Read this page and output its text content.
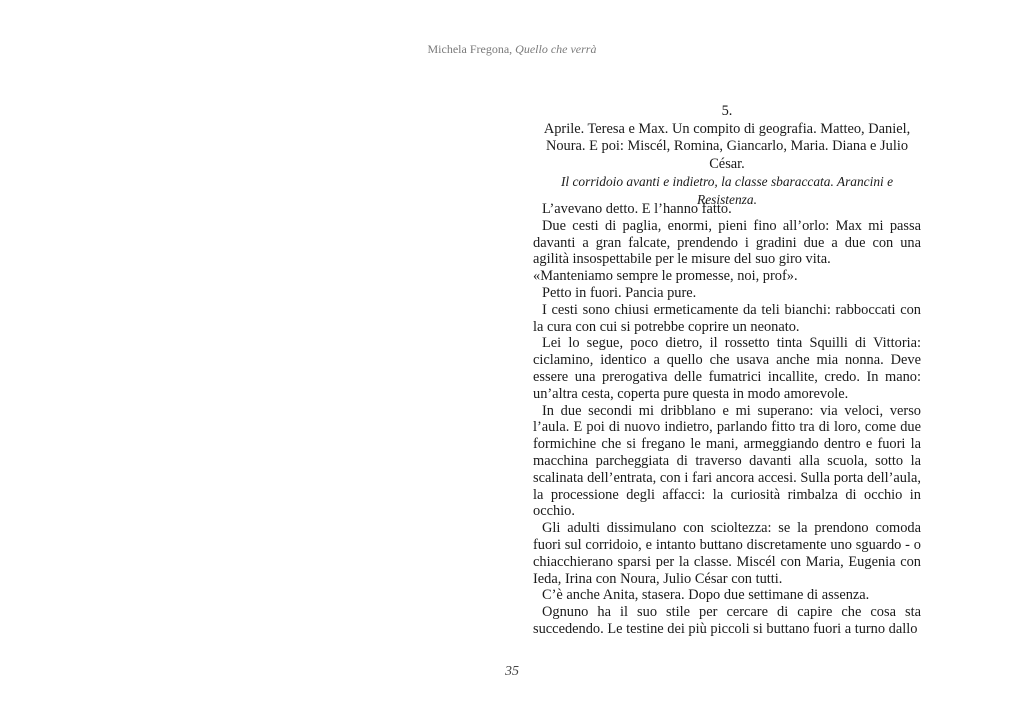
Michela Fregona, Quello che verrà
5.
Aprile. Teresa e Max. Un compito di geografia. Matteo, Daniel, Noura. E poi: Miscél, Romina, Giancarlo, Maria. Diana e Julio César.
Il corridoio avanti e indietro, la classe sbaraccata. Arancini e Resistenza.

L’avevano detto. E l’hanno fatto.

Due cesti di paglia, enormi, pieni fino all’orlo: Max mi passa davanti a gran falcate, prendendo i gradini due a due con una agilità insospettabile per le misure del suo giro vita.

«Manteniamo sempre le promesse, noi, prof».

Petto in fuori. Pancia pure.

I cesti sono chiusi ermeticamente da teli bianchi: rabboccati con la cura con cui si potrebbe coprire un neonato.

Lei lo segue, poco dietro, il rossetto tinta Squilli di Vittoria: ciclamino, identico a quello che usava anche mia nonna. Deve essere una prerogativa delle fumatrici incallite, credo. In mano: un’altra cesta, coperta pure questa in modo amorevole.

In due secondi mi dribblano e mi superano: via veloci, verso l’aula. E poi di nuovo indietro, parlando fitto tra di loro, come due formichine che si fregano le mani, armeggiando dentro e fuori la macchina parcheggiata di traverso davanti alla scuola, sotto la scalinata dell’entrata, con i fari ancora accesi. Sulla porta dell’aula, la processione degli affacci: la curiosità rimbalza di occhio in occhio.

Gli adulti dissimulano con scioltezza: se la prendono comoda fuori sul corridoio, e intanto buttano discretamente uno sguardo - o chiacchierano sparsi per la classe. Miscél con Maria, Eugenia con Ieda, Irina con Noura, Julio César con tutti.

C’è anche Anita, stasera. Dopo due settimane di assenza.

Ognuno ha il suo stile per cercare di capire che cosa sta succedendo. Le testine dei più piccoli si buttano fuori a turno dallo

35
